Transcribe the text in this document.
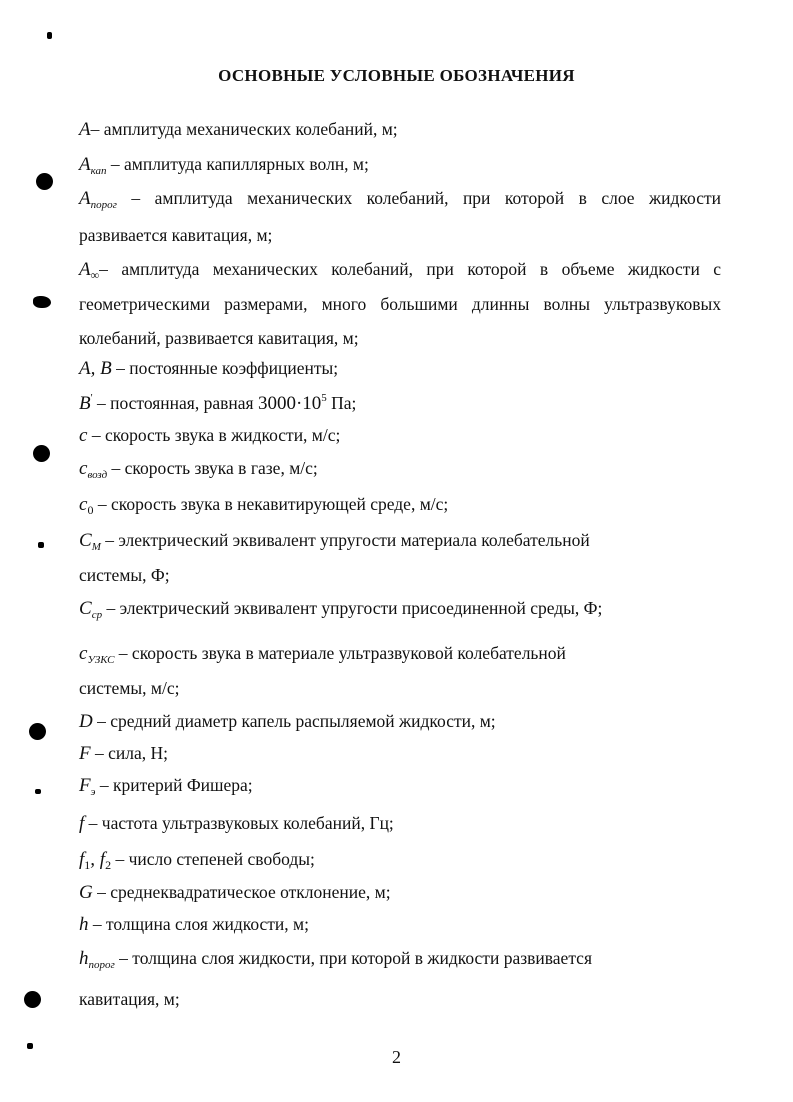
ОСНОВНЫЕ УСЛОВНЫЕ ОБОЗНАЧЕНИЯ
A– амплитуда механических колебаний, м;
$A_{кап}$ – амплитуда капиллярных волн, м;
$A_{порог}$ – амплитуда механических колебаний, при которой в слое жидкости
развивается кавитация, м;
$A_\infty-$ амплитуда механических колебаний, при которой в объеме жидкости с
геометрическими размерами, много большими длинны волны ультразвуковых
колебаний, развивается кавитация, м;
A, B – постоянные коэффициенты;
B' – постоянная, равная $3000\cdot 10^5$ Па;
c – скорость звука в жидкости, м/с;
$c_{возд}$ – скорость звука в газе, м/с;
$c_0$ – скорость звука в некавитирующей среде, м/с;
$C_М$ – электрический эквивалент упругости материала колебательной
системы, Ф;
$C_{ср}$ – электрический эквивалент упругости присоединенной среды, Ф;
$c_{УЗКС}$ – скорость звука в материале ультразвуковой колебательной
системы, м/с;
D – средний диаметр капель распыляемой жидкости, м;
F – сила, Н;
$F_э$ – критерий Фишера;
f – частота ультразвуковых колебаний, Гц;
$f_1$, $f_2$ – число степеней свободы;
G – среднеквадратическое отклонение, м;
h – толщина слоя жидкости, м;
$h_{порог}$ – толщина слоя жидкости, при которой в жидкости развивается
кавитация, м;
2
